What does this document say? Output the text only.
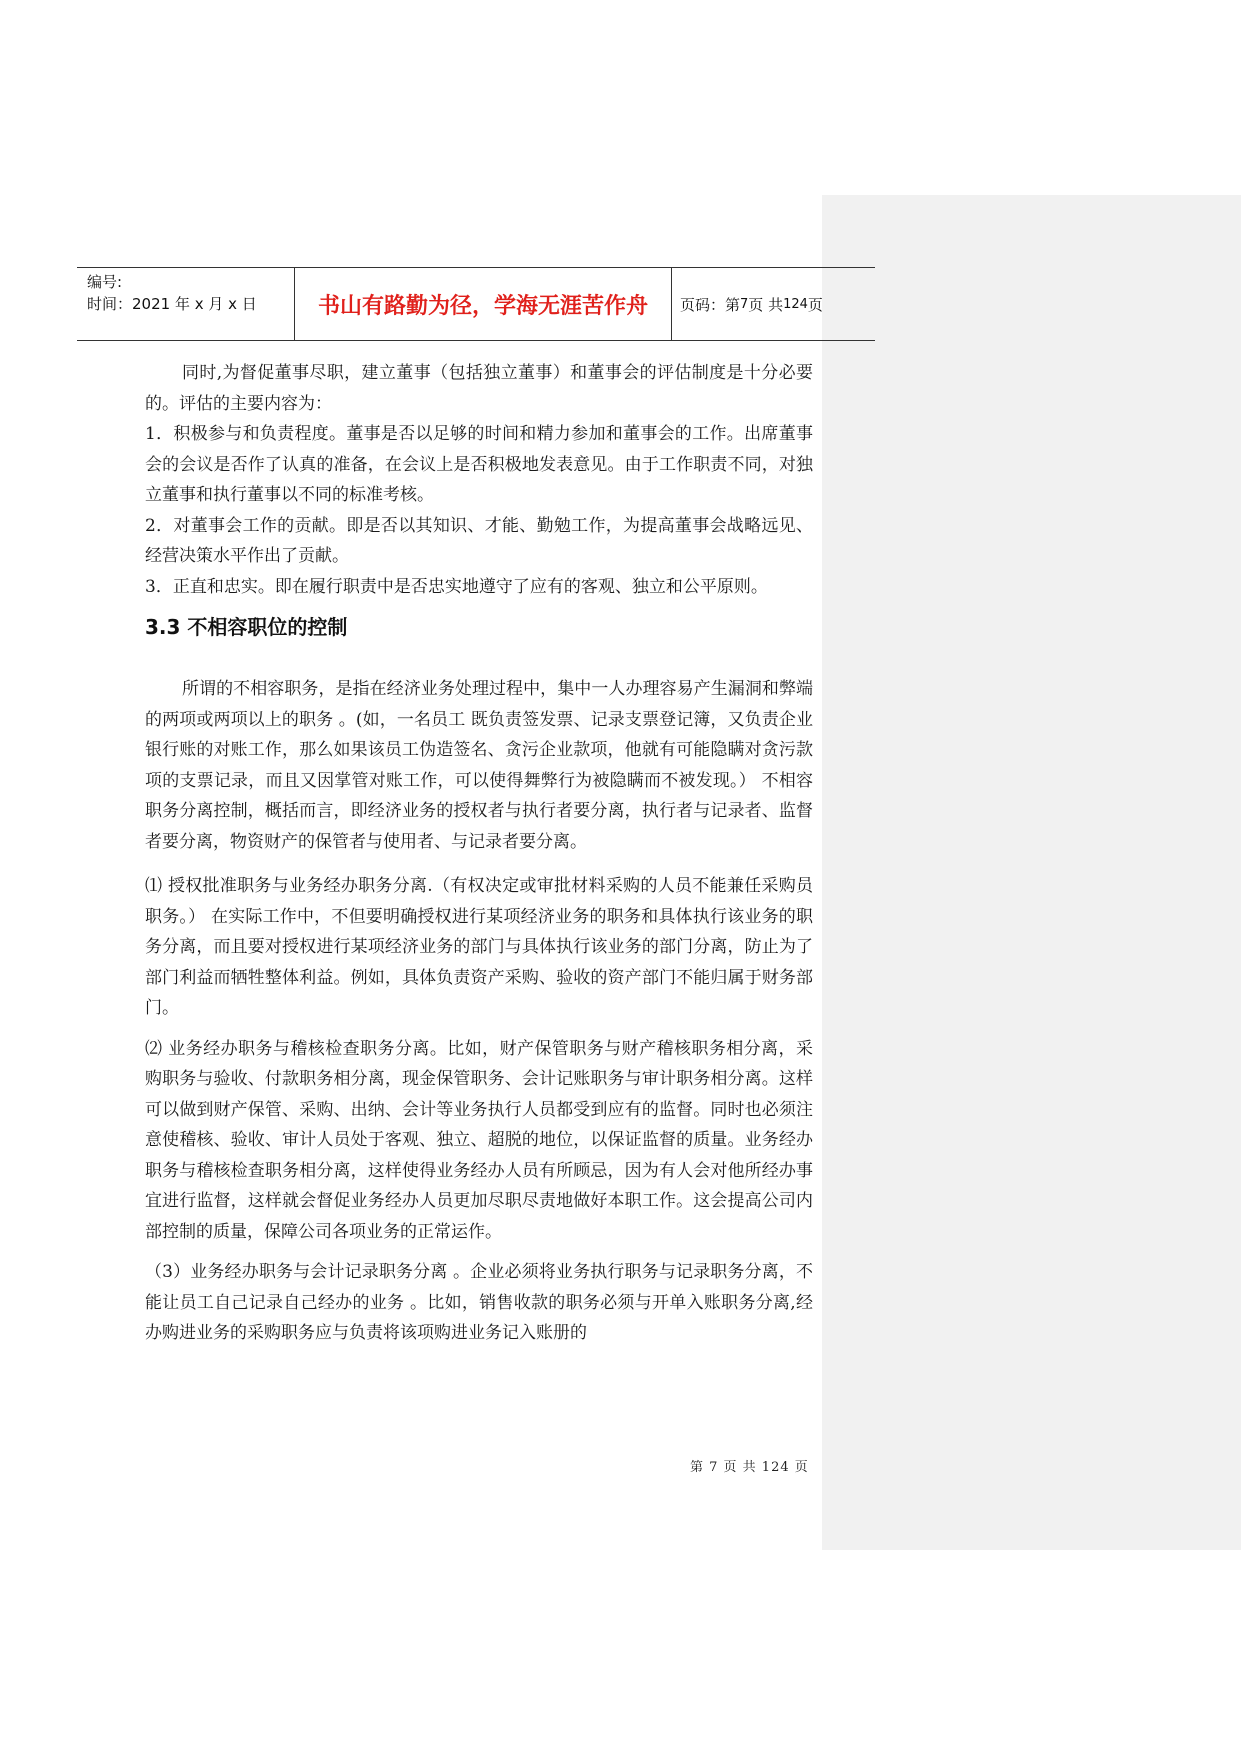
编号:
时间：2021 年 x 月 x 日	书山有路勤为径，学海无涯苦作舟	页码：第 7 页 共 124 页

同时,为督促董事尽职，建立董事（包括独立董事）和董事会的评估制度是十分必要的。评估的主要内容为：

1．积极参与和负责程度。董事是否以足够的时间和精力参加和董事会的工作。出席董事会的会议是否作了认真的准备，在会议上是否积极地发表意见。由于工作职责不同，对独立董事和执行董事以不同的标准考核。

2．对董事会工作的贡献。即是否以其知识、才能、勤勉工作，为提高董事会战略远见、经营决策水平作出了贡献。

3．正直和忠实。即在履行职责中是否忠实地遵守了应有的客观、独立和公平原则。

3.3 不相容职位的控制

所谓的不相容职务，是指在经济业务处理过程中，集中一人办理容易产生漏洞和弊端的两项或两项以上的职务 。(如，一名员工 既负责签发票、记录支票登记簿，又负责企业银行账的对账工作，那么如果该员工伪造签名、贪污企业款项，他就有可能隐瞒对贪污款项的支票记录，而且又因掌管对账工作，可以使得舞弊行为被隐瞒而不被发现。） 不相容职务分离控制，概括而言，即经济业务的授权者与执行者要分离，执行者与记录者、监督者要分离，物资财产的保管者与使用者、与记录者要分离。

⑴ 授权批准职务与业务经办职务分离.（有权决定或审批材料采购的人员不能兼任采购员职务。） 在实际工作中，不但要明确授权进行某项经济业务的职务和具体执行该业务的职务分离，而且要对授权进行某项经济业务的部门与具体执行该业务的部门分离，防止为了部门利益而牺牲整体利益。例如，具体负责资产采购、验收的资产部门不能归属于财务部门。

⑵ 业务经办职务与稽核检查职务分离。比如，财产保管职务与财产稽核职务相分离，采购职务与验收、付款职务相分离，现金保管职务、会计记账职务与审计职务相分离。这样可以做到财产保管、采购、出纳、会计等业务执行人员都受到应有的监督。同时也必须注意使稽核、验收、审计人员处于客观、独立、超脱的地位，以保证监督的质量。业务经办职务与稽核检查职务相分离，这样使得业务经办人员有所顾忌，因为有人会对他所经办事宜进行监督，这样就会督促业务经办人员更加尽职尽责地做好本职工作。这会提高公司内部控制的质量，保障公司各项业务的正常运作。

（3）业务经办职务与会计记录职务分离 。企业必须将业务执行职务与记录职务分离，不能让员工自己记录自己经办的业务 。比如，销售收款的职务必须与开单入账职务分离,经办购进业务的采购职务应与负责将该项购进业务记入账册的

第 7 页 共 124 页
